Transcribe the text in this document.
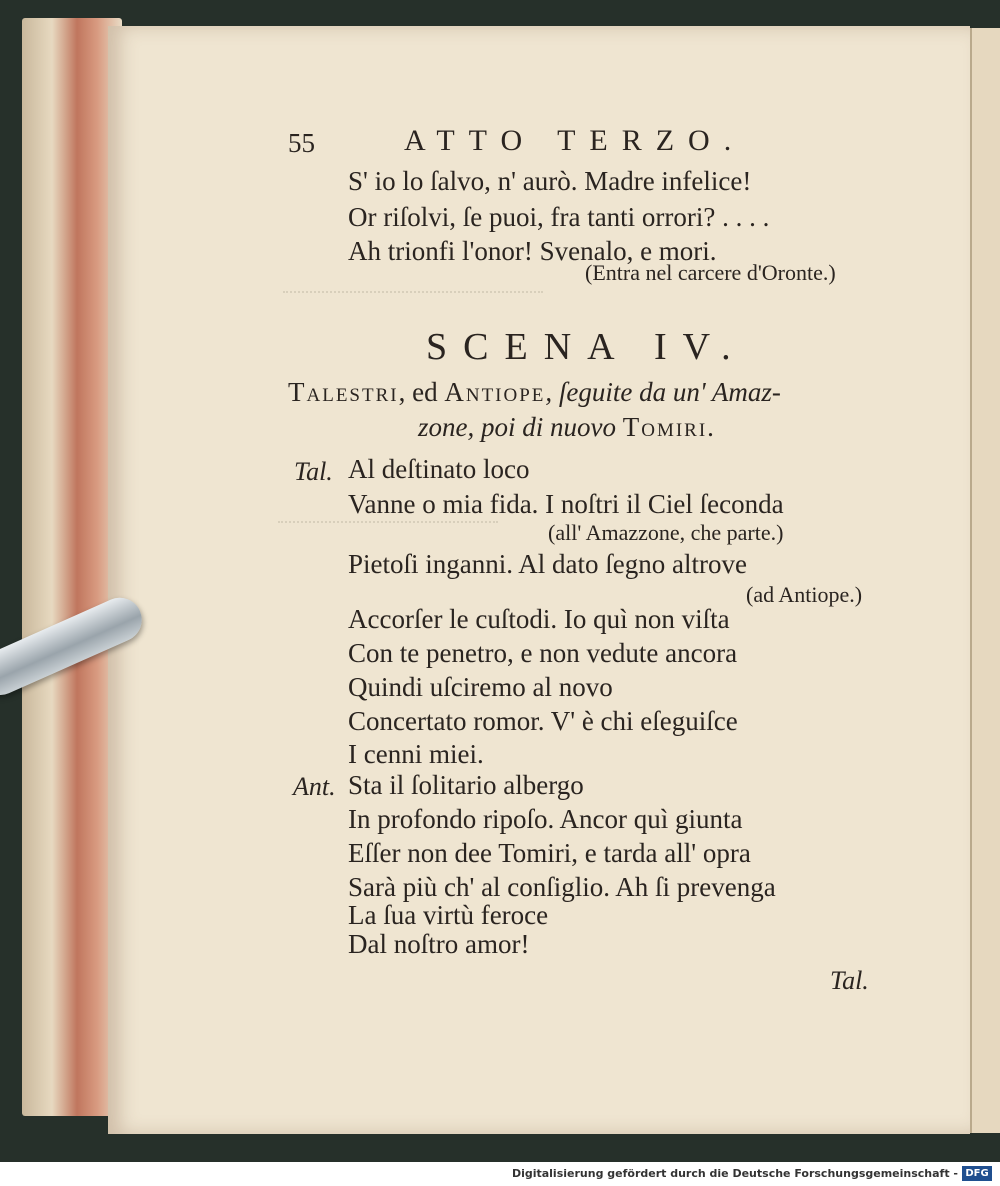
55	ATTO TERZO.
S' io lo ſalvo, n' aurò. Madre infelice!
Or riſolvi, ſe puoi, fra tanti orrori? . . . .
Ah trionfi l'onor! Svenalo, e mori.
(Entra nel carcere d'Oronte.)
SCENA IV.
Taleſtri, ed Antiope, ſeguite da un' Amaz-
zone, poi di nuovo Tomiri.
Tal. Al deſtinato loco
Vanne o mia fida. I noſtri il Ciel ſeconda
(all' Amazzone, che parte.)
Pietoſi inganni. Al dato ſegno altrove
(ad Antiope.)
Accorſer le cuſtodi. Io quì non viſta
Con te penetro, e non vedute ancora
Quindi uſciremo al novo
Concertato romor. V' è chi eſeguiſce
I cenni miei.
Ant. Sta il ſolitario albergo
In profondo ripoſo. Ancor quì giunta
Eſſer non dee Tomiri, e tarda all' opra
Sarà più ch' al conſiglio. Ah ſi prevenga
La ſua virtù feroce
Dal noſtro amor!
Tal.
Digitalisierung gefördert durch die Deutsche Forschungsgemeinschaft - DFG
